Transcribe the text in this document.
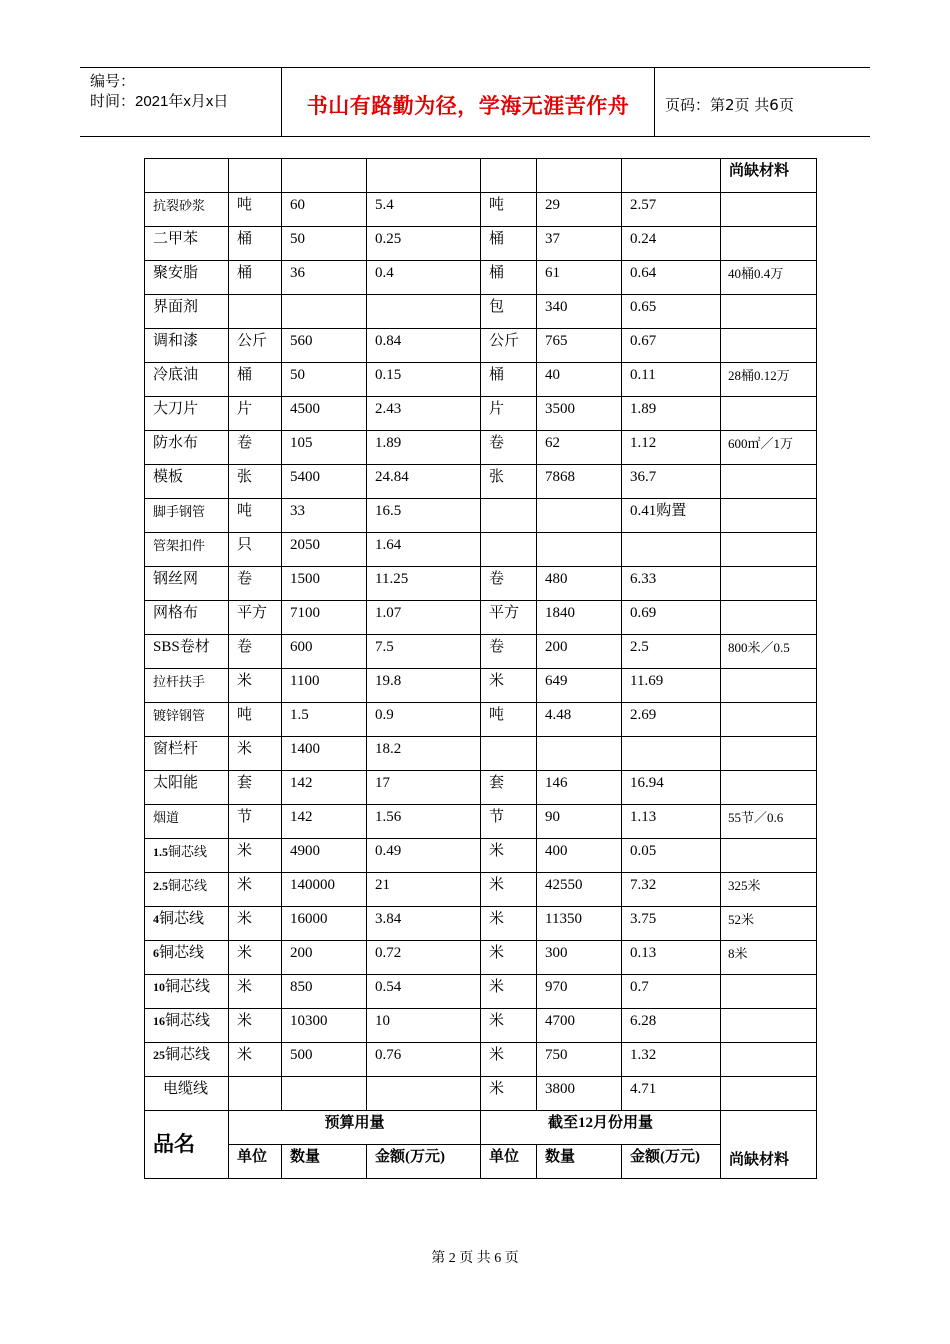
编号：
时间：2021年x月x日	书山有路勤为径，学海无涯苦作舟	页码：第2页 共6页
							尚缺材料
抗裂砂浆	吨	60	5.4	吨	29	2.57	
二甲苯	桶	50	0.25	桶	37	0.24	
聚安脂	桶	36	0.4	桶	61	0.64	40桶0.4万
界面剂				包	340	0.65	
调和漆	公斤	560	0.84	公斤	765	0.67	
冷底油	桶	50	0.15	桶	40	0.11	28桶0.12万
大刀片	片	4500	2.43	片	3500	1.89	
防水布	卷	105	1.89	卷	62	1.12	600㎡／1万
模板	张	5400	24.84	张	7868	36.7	
脚手钢管	吨	33	16.5			0.41购置	
管架扣件	只	2050	1.64				
钢丝网	卷	1500	11.25	卷	480	6.33	
网格布	平方	7100	1.07	平方	1840	0.69	
SBS卷材	卷	600	7.5	卷	200	2.5	800米／0.5
拉杆扶手	米	1100	19.8	米	649	11.69	
镀锌钢管	吨	1.5	0.9	吨	4.48	2.69	
窗栏杆	米	1400	18.2				
太阳能	套	142	17	套	146	16.94	
烟道	节	142	1.56	节	90	1.13	55节／0.6
1.5铜芯线	米	4900	0.49	米	400	0.05	
2.5铜芯线	米	140000	21	米	42550	7.32	325米
4铜芯线	米	16000	3.84	米	11350	3.75	52米
6铜芯线	米	200	0.72	米	300	0.13	8米
10铜芯线	米	850	0.54	米	970	0.7	
16铜芯线	米	10300	10	米	4700	6.28	
25铜芯线	米	500	0.76	米	750	1.32	
电缆线				米	3800	4.71	
品名	预算用量			截至12月份用量			尚缺材料
	单位	数量	金额(万元)	单位	数量	金额(万元)	
第 2 页 共 6 页
